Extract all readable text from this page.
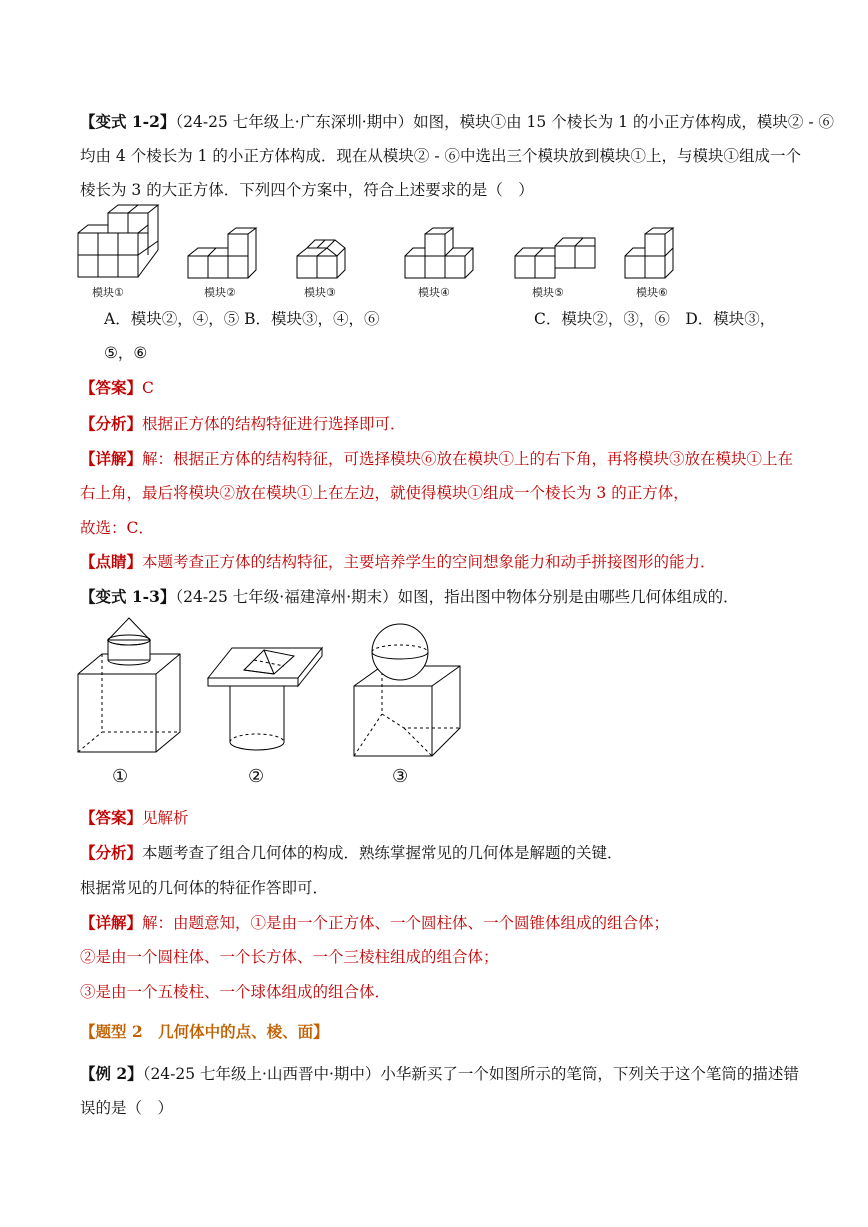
【变式 1-2】（24-25 七年级上·广东深圳·期中）如图，模块①由 15 个棱长为 1 的小正方体构成，模块② - ⑥
均由 4 个棱长为 1 的小正方体构成．现在从模块② - ⑥中选出三个模块放到模块①上，与模块①组成一个
棱长为 3 的大正方体．下列四个方案中，符合上述要求的是（　）
模块①	模块②	模块③	模块④	模块⑤	模块⑥
A．模块②，④，⑤ B．模块③，④，⑥	C．模块②，③，⑥　D．模块③，
⑤，⑥
【答案】C
【分析】根据正方体的结构特征进行选择即可．
【详解】解：根据正方体的结构特征，可选择模块⑥放在模块①上的右下角，再将模块③放在模块①上在
右上角，最后将模块②放在模块①上在左边，就使得模块①组成一个棱长为 3 的正方体，
故选：C．
【点睛】本题考查正方体的结构特征，主要培养学生的空间想象能力和动手拼接图形的能力．
【变式 1-3】（24-25 七年级·福建漳州·期末）如图，指出图中物体分别是由哪些几何体组成的．
①	②	③
【答案】见解析
【分析】本题考查了组合几何体的构成．熟练掌握常见的几何体是解题的关键．
根据常见的几何体的特征作答即可．
【详解】解：由题意知，①是由一个正方体、一个圆柱体、一个圆锥体组成的组合体；
②是由一个圆柱体、一个长方体、一个三棱柱组成的组合体；
③是由一个五棱柱、一个球体组成的组合体．
【题型 2　几何体中的点、棱、面】
【例 2】（24-25 七年级上·山西晋中·期中）小华新买了一个如图所示的笔筒，下列关于这个笔筒的描述错
误的是（　）
